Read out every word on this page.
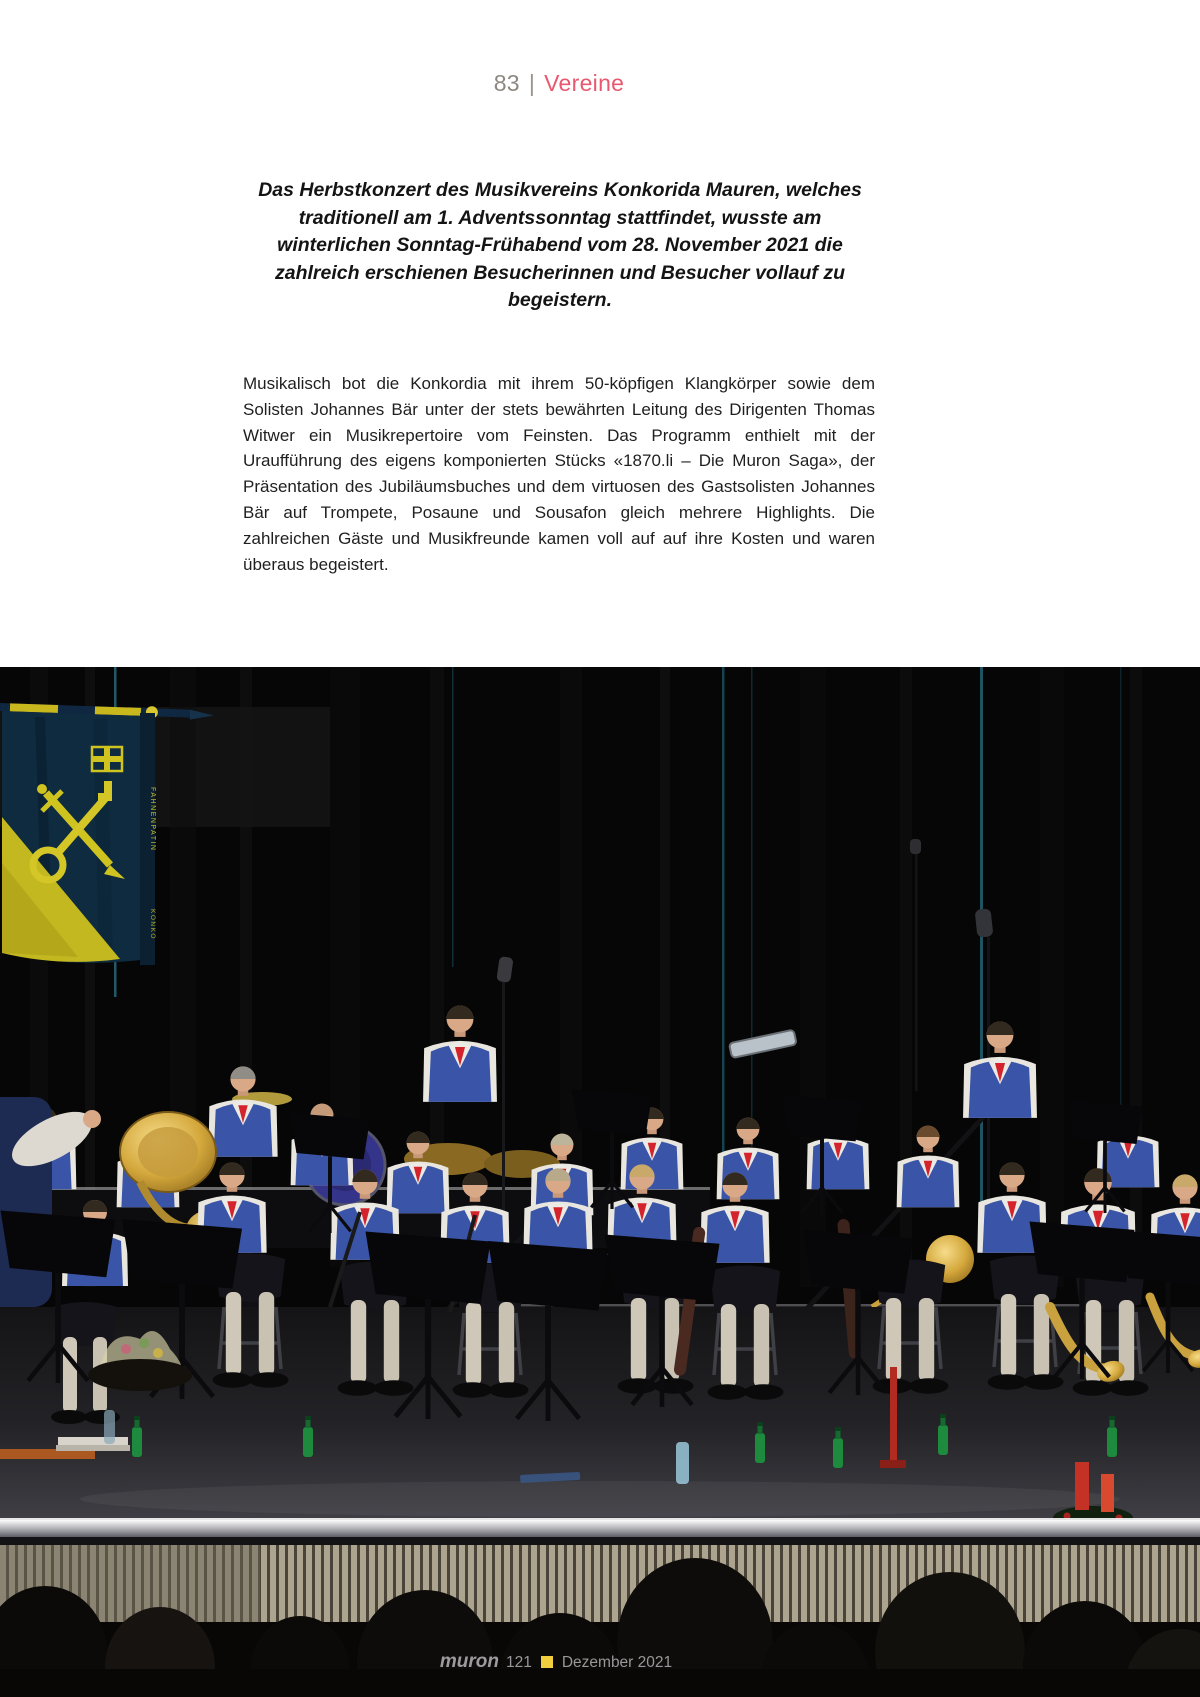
83 | Vereine

Das Herbstkonzert des Musikvereins Konkorida Mauren, welches traditionell am 1. Adventssonntag stattfindet, wusste am winterlichen Sonntag-Frühabend vom 28. November 2021 die zahlreich erschienen Besucherinnen und Besucher vollauf zu begeistern.

Musikalisch bot die Konkordia mit ihrem 50-köpfigen Klangkörper sowie dem Solisten Johannes Bär unter der stets bewährten Leitung des Dirigenten Thomas Witwer ein Musikrepertoire vom Feinsten. Das Programm enthielt mit der Uraufführung des eigens komponierten Stücks «1870.li – Die Muron Saga», der Präsentation des Jubiläumsbuches und dem virtuosen des Gastsolisten Johannes Bär auf Trompete, Posaune und Sousafon gleich mehrere Highlights. Die zahlreichen Gäste und Musikfreunde kamen voll auf auf ihre Kosten und waren überaus begeistert.

FAHNENPATIN
KONKO
muron 121 Dezember 2021
